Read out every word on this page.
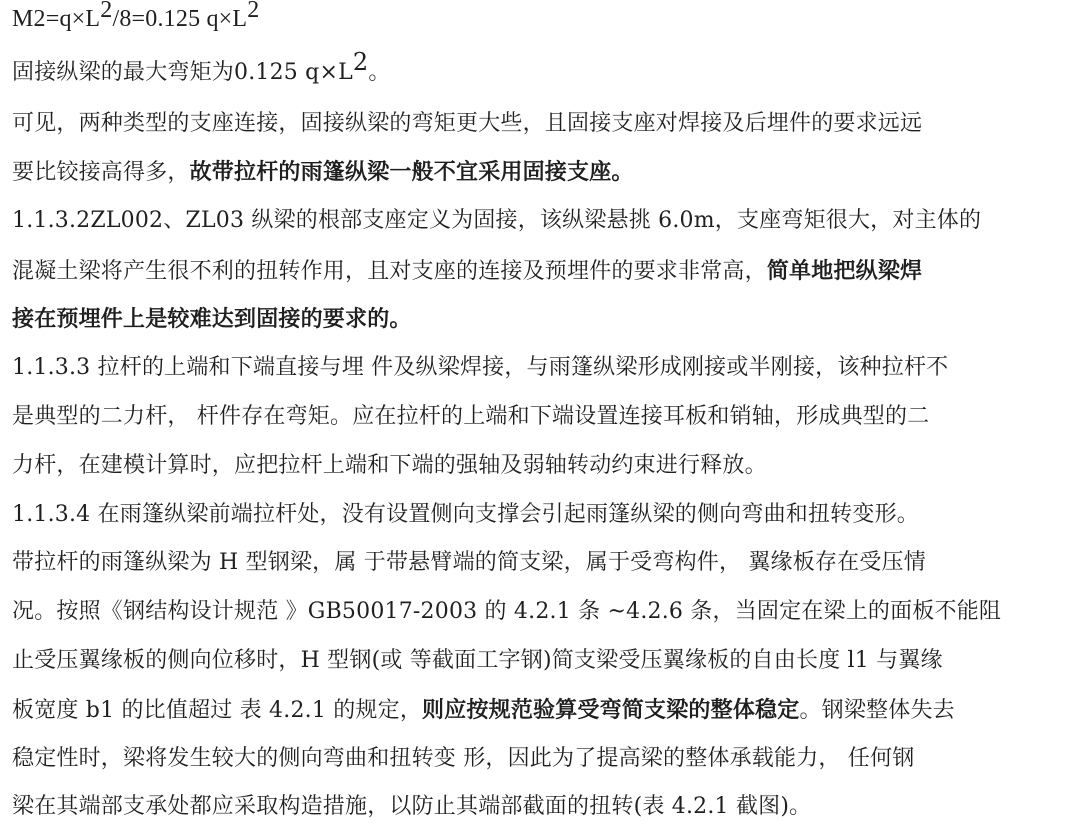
$M2=q\times L^2/8=0.125$ $q\times L^2$
固接纵梁的最大弯矩为0.125 $q\times L^2$。
可见，两种类型的支座连接，固接纵梁的弯矩更大些，且固接支座对焊接及后埋件的要求远远
要比铰接高得多，故带拉杆的雨篷纵梁一般不宜采用固接支座。
1.1.3.2ZL002、ZL03 纵梁的根部支座定义为固接，该纵梁悬挑 6.0m，支座弯矩很大，对主体的
混凝土梁将产生很不利的扭转作用，且对支座的连接及预埋件的要求非常高，简单地把纵梁焊
接在预埋件上是较难达到固接的要求的。
1.1.3.3 拉杆的上端和下端直接与埋 件及纵梁焊接，与雨篷纵梁形成刚接或半刚接，该种拉杆不
是典型的二力杆， 杆件存在弯矩。应在拉杆的上端和下端设置连接耳板和销轴，形成典型的二
力杆，在建模计算时，应把拉杆上端和下端的强轴及弱轴转动约束进行释放。
1.1.3.4 在雨篷纵梁前端拉杆处，没有设置侧向支撑会引起雨篷纵梁的侧向弯曲和扭转变形。
带拉杆的雨篷纵梁为 H 型钢梁，属 于带悬臂端的简支梁，属于受弯构件， 翼缘板存在受压情
况。按照《钢结构设计规范 》GB50017-2003 的 4.2.1 条 ~4.2.6 条，当固定在梁上的面板不能阻
止受压翼缘板的侧向位移时，H 型钢(或 等截面工字钢)简支梁受压翼缘板的自由长度 l1 与翼缘
板宽度 b1 的比值超过 表 4.2.1 的规定，则应按规范验算受弯简支梁的整体稳定。钢梁整体失去
稳定性时，梁将发生较大的侧向弯曲和扭转变 形，因此为了提高梁的整体承载能力， 任何钢
梁在其端部支承处都应采取构造措施，以防止其端部截面的扭转(表 4.2.1 截图)。
